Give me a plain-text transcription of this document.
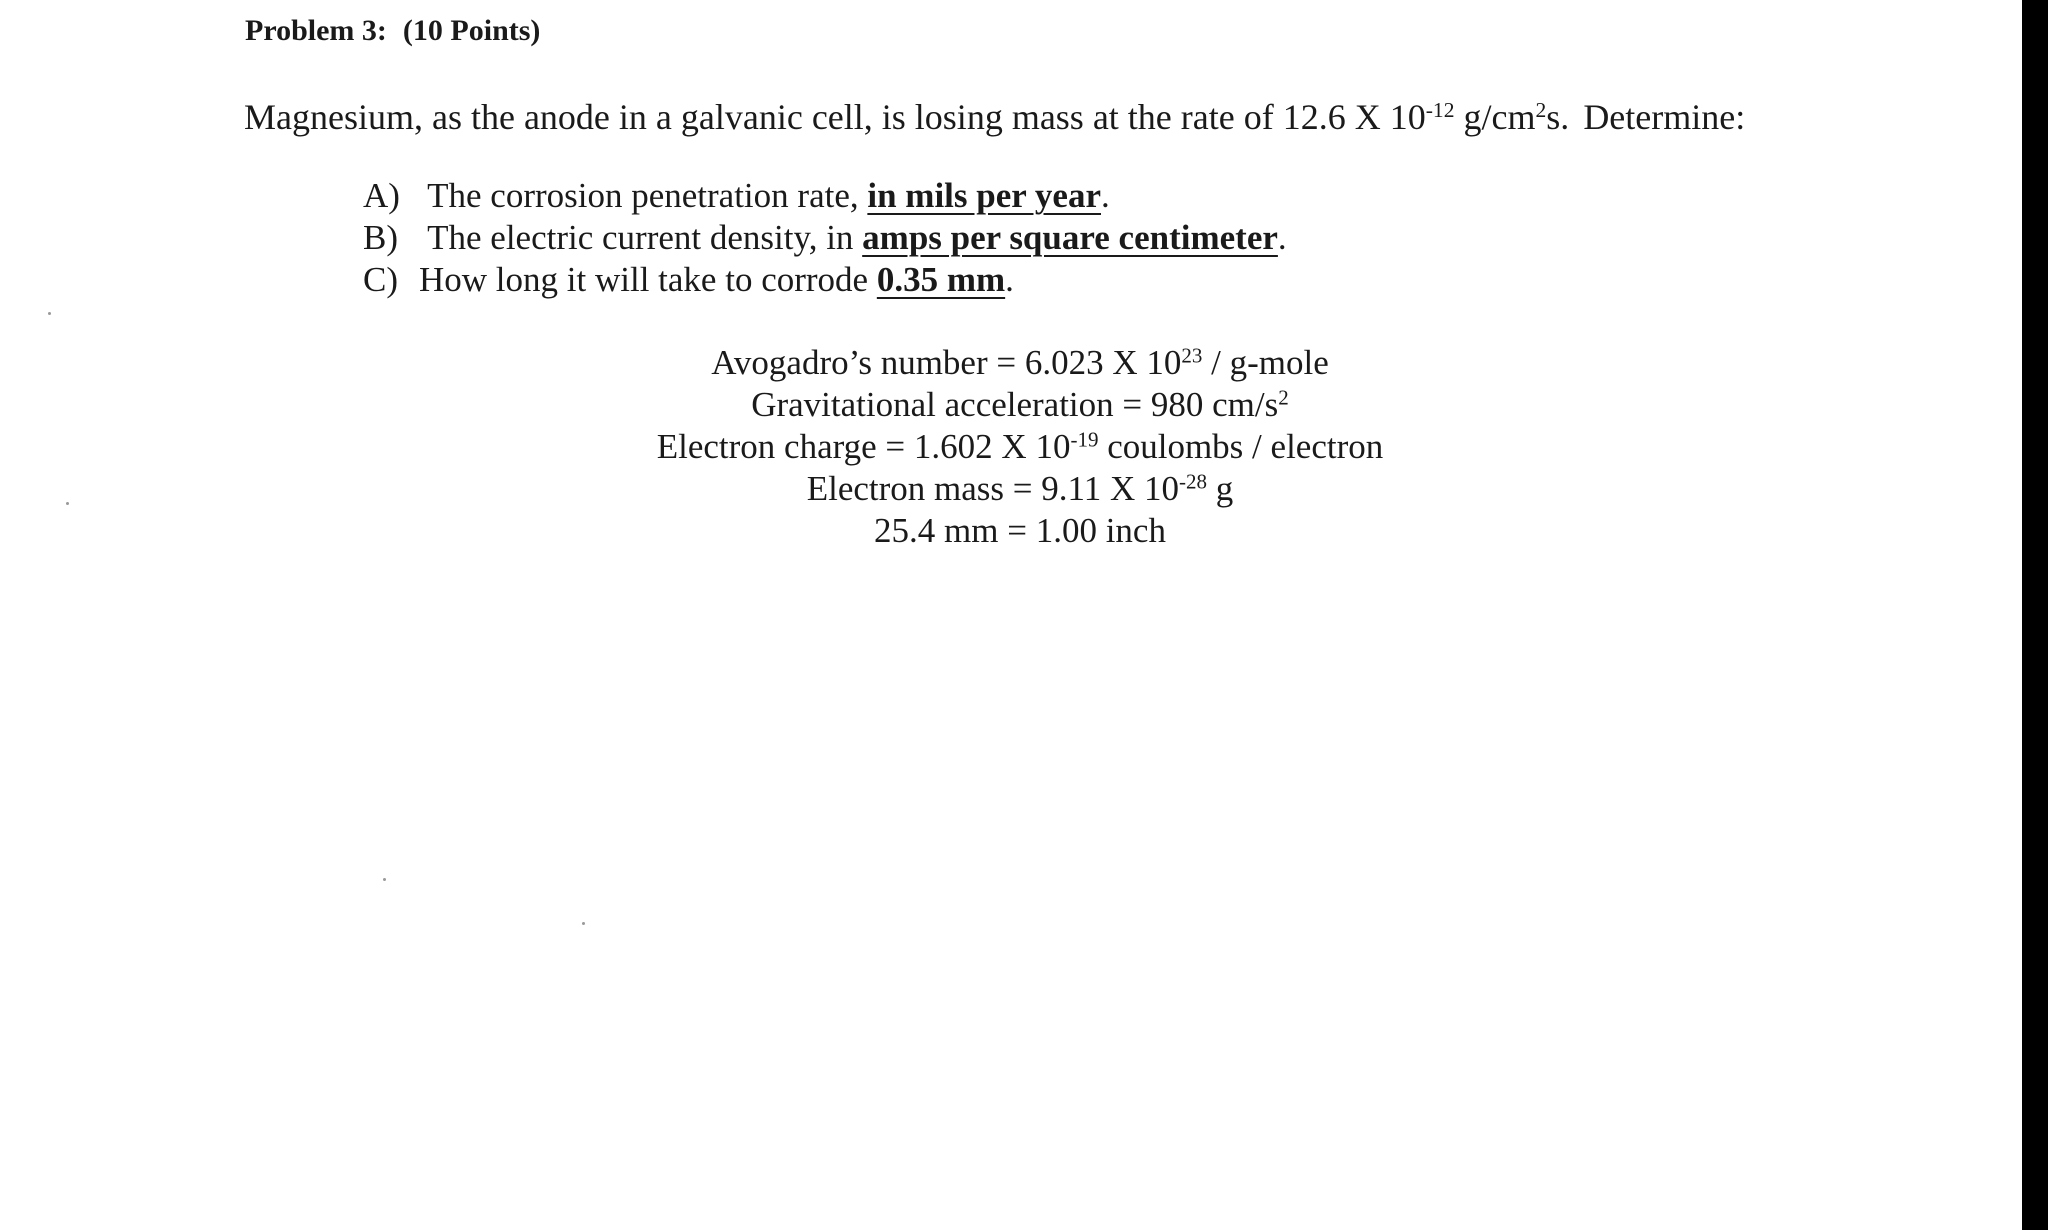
Problem 3: (10 Points)
Magnesium, as the anode in a galvanic cell, is losing mass at the rate of 12.6 X $10^{-12}$ $g/cm^2s$. Determine:
A) The corrosion penetration rate, in mils per year.
B) The electric current density, in amps per square centimeter.
C) How long it will take to corrode 0.35 mm.
Avogadro’s number = 6.023 X $10^{23}$ / g-mole
Gravitational acceleration = 980 $cm/s^2$
Electron charge = 1.602 X $10^{-19}$ coulombs / electron
Electron mass = 9.11 X $10^{-28}$ g
25.4 mm = 1.00 inch
